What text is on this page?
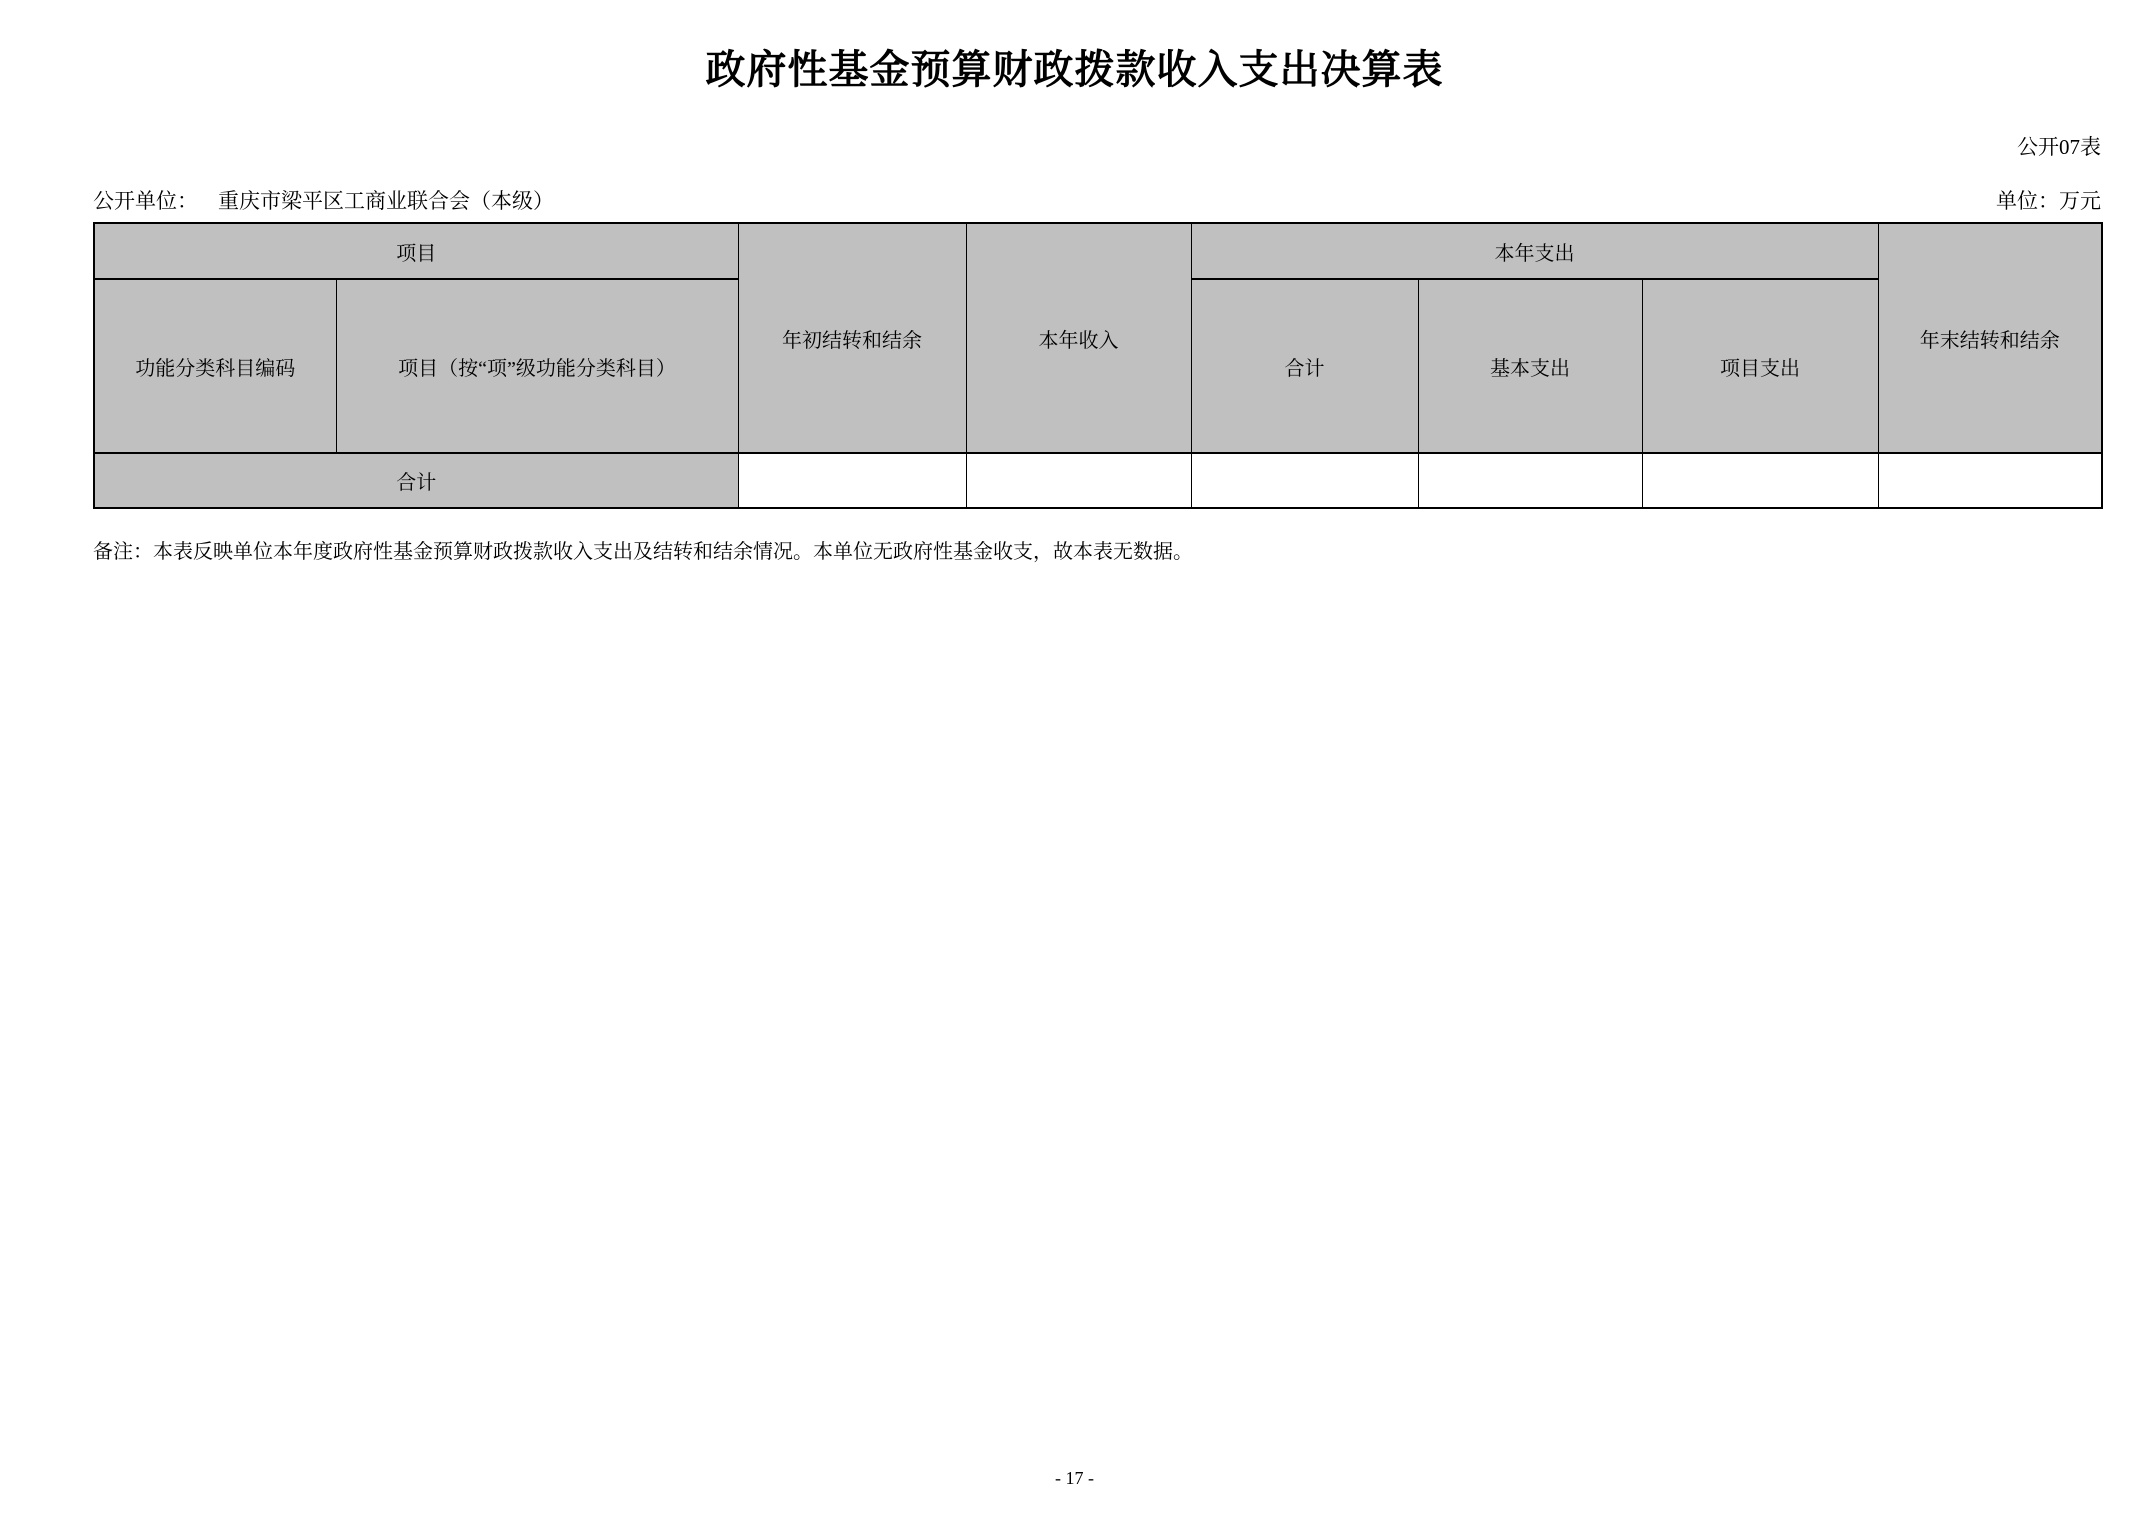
政府性基金预算财政拨款收入支出决算表
公开07表
公开单位： 重庆市梁平区工商业联合会（本级）	单位：万元
项目		年初结转和结余	本年收入	本年支出			年末结转和结余
功能分类科目编码	项目（按“项”级功能分类科目）			合计	基本支出	项目支出	
合计							
备注：本表反映单位本年度政府性基金预算财政拨款收入支出及结转和结余情况。本单位无政府性基金收支，故本表无数据。
- 17 -
